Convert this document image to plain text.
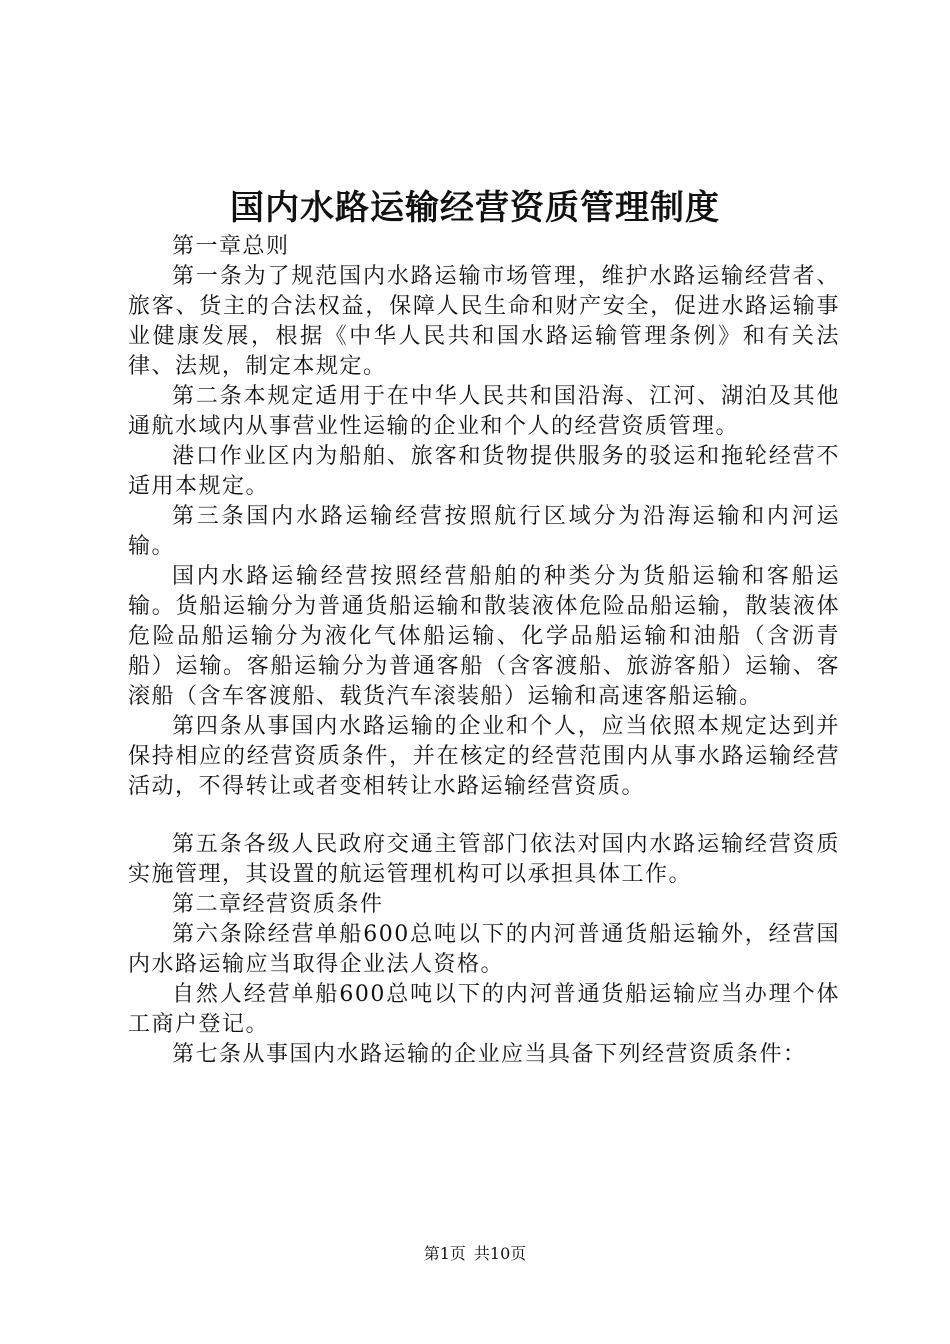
国内水路运输经营资质管理制度

第一章总则

第一条为了规范国内水路运输市场管理，维护水路运输经营者、旅客、货主的合法权益，保障人民生命和财产安全，促进水路运输事业健康发展，根据《中华人民共和国水路运输管理条例》和有关法律、法规，制定本规定。

第二条本规定适用于在中华人民共和国沿海、江河、湖泊及其他通航水域内从事营业性运输的企业和个人的经营资质管理。

港口作业区内为船舶、旅客和货物提供服务的驳运和拖轮经营不适用本规定。

第三条国内水路运输经营按照航行区域分为沿海运输和内河运输。

国内水路运输经营按照经营船舶的种类分为货船运输和客船运输。货船运输分为普通货船运输和散装液体危险品船运输，散装液体危险品船运输分为液化气体船运输、化学品船运输和油船（含沥青船）运输。客船运输分为普通客船（含客渡船、旅游客船）运输、客滚船（含车客渡船、载货汽车滚装船）运输和高速客船运输。

第四条从事国内水路运输的企业和个人，应当依照本规定达到并保持相应的经营资质条件，并在核定的经营范围内从事水路运输经营活动，不得转让或者变相转让水路运输经营资质。

第五条各级人民政府交通主管部门依法对国内水路运输经营资质实施管理，其设置的航运管理机构可以承担具体工作。

第二章经营资质条件

第六条除经营单船600总吨以下的内河普通货船运输外，经营国内水路运输应当取得企业法人资格。

自然人经营单船600总吨以下的内河普通货船运输应当办理个体工商户登记。

第七条从事国内水路运输的企业应当具备下列经营资质条件：

第1页 共10页
